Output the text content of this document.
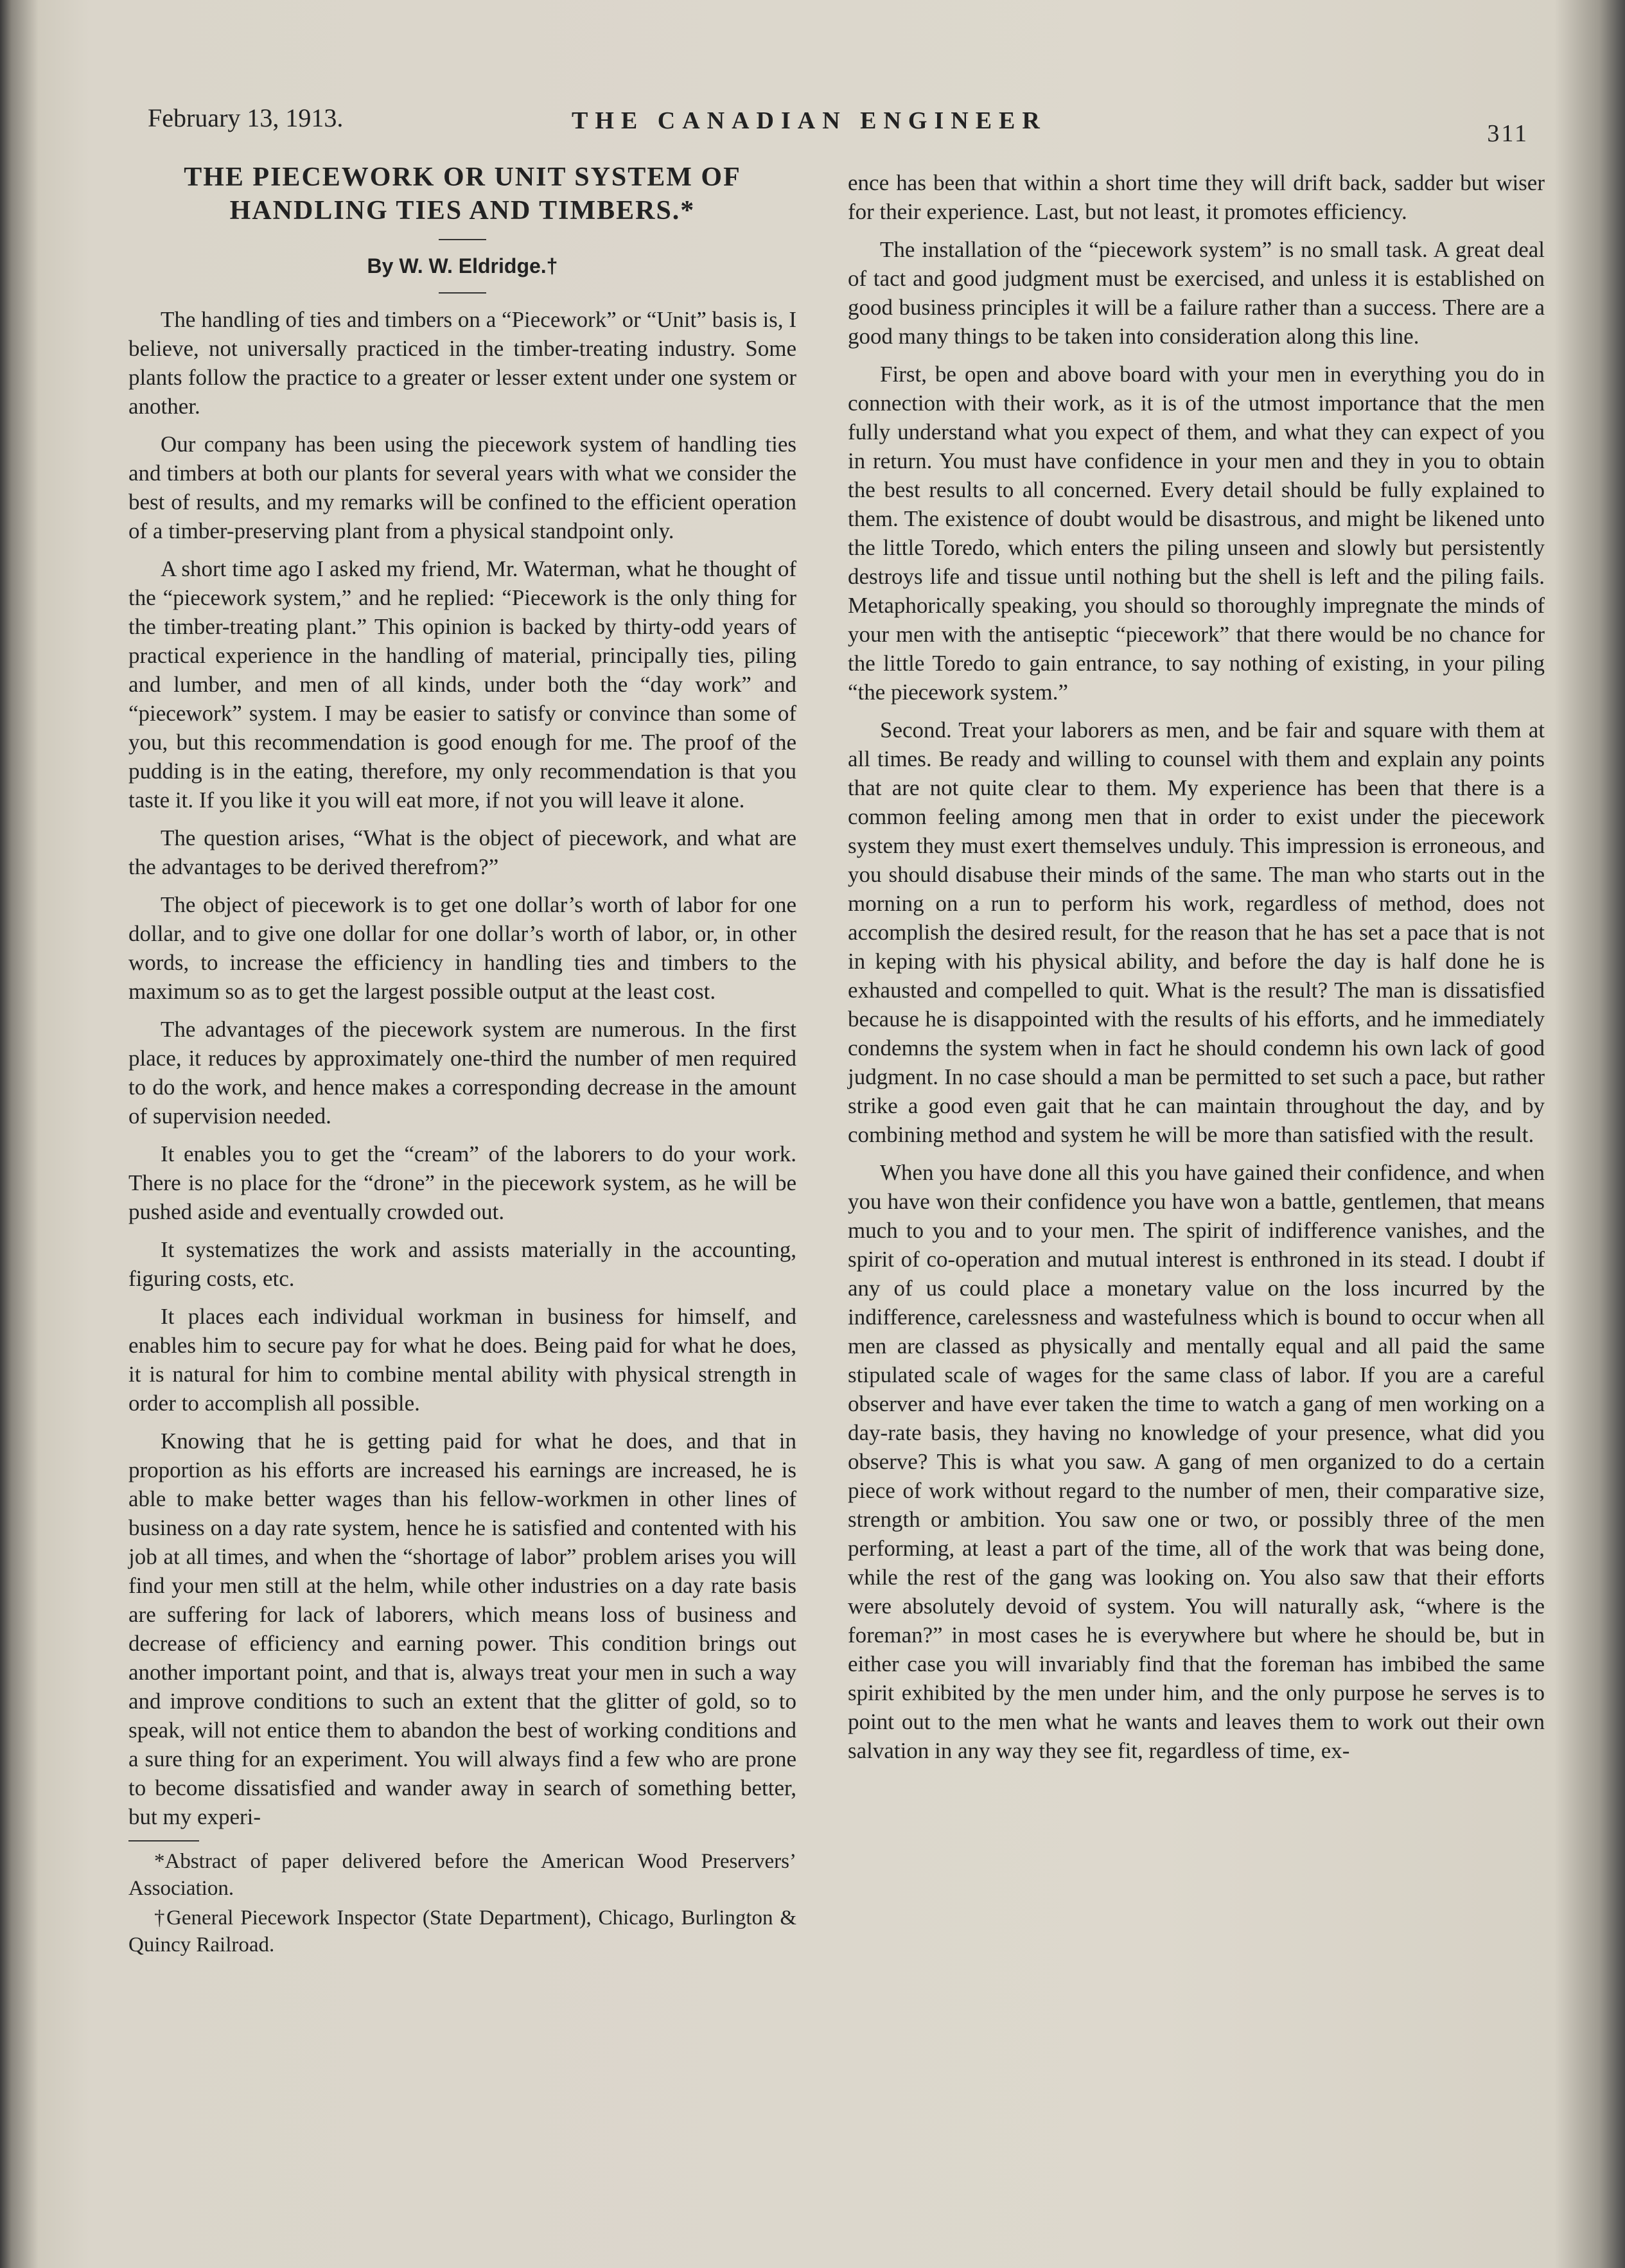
February 13, 1913.	THE CANADIAN ENGINEER	311
THE PIECEWORK OR UNIT SYSTEM OF
HANDLING TIES AND TIMBERS.*
By W. W. Eldridge.†

The handling of ties and timbers on a “Piecework” or “Unit” basis is, I believe, not universally practiced in the timber-treating industry. Some plants follow the practice to a greater or lesser extent under one system or another.

Our company has been using the piecework system of handling ties and timbers at both our plants for several years with what we consider the best of results, and my remarks will be confined to the efficient operation of a timber-preserving plant from a physical standpoint only.

A short time ago I asked my friend, Mr. Waterman, what he thought of the “piecework system,” and he replied: “Piecework is the only thing for the timber-treating plant.” This opinion is backed by thirty-odd years of practical experience in the handling of material, principally ties, piling and lumber, and men of all kinds, under both the “day work” and “piecework” system. I may be easier to satisfy or convince than some of you, but this recommendation is good enough for me. The proof of the pudding is in the eating, therefore, my only recommendation is that you taste it. If you like it you will eat more, if not you will leave it alone.

The question arises, “What is the object of piecework, and what are the advantages to be derived therefrom?”

The object of piecework is to get one dollar’s worth of labor for one dollar, and to give one dollar for one dollar’s worth of labor, or, in other words, to increase the efficiency in handling ties and timbers to the maximum so as to get the largest possible output at the least cost.

The advantages of the piecework system are numerous. In the first place, it reduces by approximately one-third the number of men required to do the work, and hence makes a corresponding decrease in the amount of supervision needed.

It enables you to get the “cream” of the laborers to do your work. There is no place for the “drone” in the piecework system, as he will be pushed aside and eventually crowded out.

It systematizes the work and assists materially in the accounting, figuring costs, etc.

It places each individual workman in business for himself, and enables him to secure pay for what he does. Being paid for what he does, it is natural for him to combine mental ability with physical strength in order to accomplish all possible.

Knowing that he is getting paid for what he does, and that in proportion as his efforts are increased his earnings are increased, he is able to make better wages than his fellow-workmen in other lines of business on a day rate system, hence he is satisfied and contented with his job at all times, and when the “shortage of labor” problem arises you will find your men still at the helm, while other industries on a day rate basis are suffering for lack of laborers, which means loss of business and decrease of efficiency and earning power. This condition brings out another important point, and that is, always treat your men in such a way and improve conditions to such an extent that the glitter of gold, so to speak, will not entice them to abandon the best of working conditions and a sure thing for an experiment. You will always find a few who are prone to become dissatisfied and wander away in search of something better, but my experi-

*Abstract of paper delivered before the American Wood Preservers’ Association.

†General Piecework Inspector (State Department), Chicago, Burlington & Quincy Railroad.

ence has been that within a short time they will drift back, sadder but wiser for their experience. Last, but not least, it promotes efficiency.

The installation of the “piecework system” is no small task. A great deal of tact and good judgment must be exercised, and unless it is established on good business principles it will be a failure rather than a success. There are a good many things to be taken into consideration along this line.

First, be open and above board with your men in everything you do in connection with their work, as it is of the utmost importance that the men fully understand what you expect of them, and what they can expect of you in return. You must have confidence in your men and they in you to obtain the best results to all concerned. Every detail should be fully explained to them. The existence of doubt would be disastrous, and might be likened unto the little Toredo, which enters the piling unseen and slowly but persistently destroys life and tissue until nothing but the shell is left and the piling fails. Metaphorically speaking, you should so thoroughly impregnate the minds of your men with the antiseptic “piecework” that there would be no chance for the little Toredo to gain entrance, to say nothing of existing, in your piling “the piecework system.”

Second. Treat your laborers as men, and be fair and square with them at all times. Be ready and willing to counsel with them and explain any points that are not quite clear to them. My experience has been that there is a common feeling among men that in order to exist under the piecework system they must exert themselves unduly. This impression is erroneous, and you should disabuse their minds of the same. The man who starts out in the morning on a run to perform his work, regardless of method, does not accomplish the desired result, for the reason that he has set a pace that is not in keping with his physical ability, and before the day is half done he is exhausted and compelled to quit. What is the result? The man is dissatisfied because he is disappointed with the results of his efforts, and he immediately condemns the system when in fact he should condemn his own lack of good judgment. In no case should a man be permitted to set such a pace, but rather strike a good even gait that he can maintain throughout the day, and by combining method and system he will be more than satisfied with the result.

When you have done all this you have gained their confidence, and when you have won their confidence you have won a battle, gentlemen, that means much to you and to your men. The spirit of indifference vanishes, and the spirit of co-operation and mutual interest is enthroned in its stead. I doubt if any of us could place a monetary value on the loss incurred by the indifference, carelessness and wastefulness which is bound to occur when all men are classed as physically and mentally equal and all paid the same stipulated scale of wages for the same class of labor. If you are a careful observer and have ever taken the time to watch a gang of men working on a day-rate basis, they having no knowledge of your presence, what did you observe? This is what you saw. A gang of men organized to do a certain piece of work without regard to the number of men, their comparative size, strength or ambition. You saw one or two, or possibly three of the men performing, at least a part of the time, all of the work that was being done, while the rest of the gang was looking on. You also saw that their efforts were absolutely devoid of system. You will naturally ask, “where is the foreman?” in most cases he is everywhere but where he should be, but in either case you will invariably find that the foreman has imbibed the same spirit exhibited by the men under him, and the only purpose he serves is to point out to the men what he wants and leaves them to work out their own salvation in any way they see fit, regardless of time, ex-
